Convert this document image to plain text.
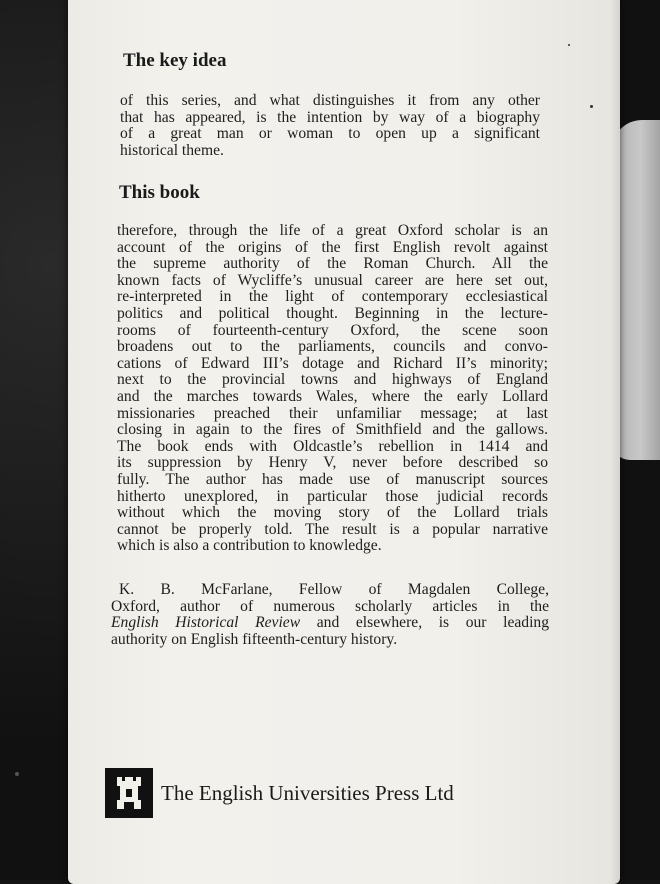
The key idea

of this series, and what distinguishes it from any other
that has appeared, is the intention by way of a biography
of a great man or woman to open up a significant
historical theme.

This book

therefore, through the life of a great Oxford scholar is an
account of the origins of the first English revolt against
the supreme authority of the Roman Church. All the
known facts of Wycliffe’s unusual career are here set out,
re-interpreted in the light of contemporary ecclesiastical
politics and political thought. Beginning in the lecture-
rooms of fourteenth-century Oxford, the scene soon
broadens out to the parliaments, councils and convo-
cations of Edward III’s dotage and Richard II’s minority;
next to the provincial towns and highways of England
and the marches towards Wales, where the early Lollard
missionaries preached their unfamiliar message; at last
closing in again to the fires of Smithfield and the gallows.
The book ends with Oldcastle’s rebellion in 1414 and
its suppression by Henry V, never before described so
fully. The author has made use of manuscript sources
hitherto unexplored, in particular those judicial records
without which the moving story of the Lollard trials
cannot be properly told. The result is a popular narrative
which is also a contribution to knowledge.

K. B. McFarlane, Fellow of Magdalen College,
Oxford, author of numerous scholarly articles in the
English Historical Review and elsewhere, is our leading
authority on English fifteenth-century history.

The English Universities Press Ltd
